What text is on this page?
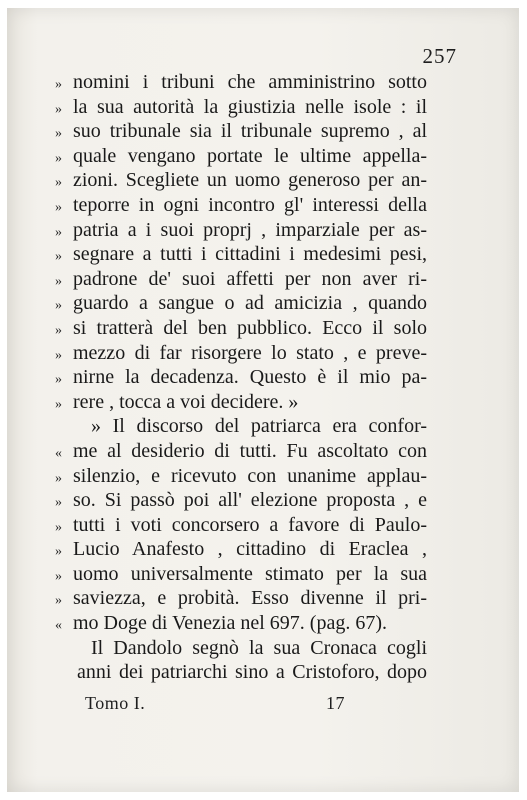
257
» nomini i tribuni che amministrino sotto
» la sua autorità la giustizia nelle isole : il
» suo tribunale sia il tribunale supremo , al
» quale vengano portate le ultime appella-
» zioni. Scegliete un uomo generoso per an-
» teporre in ogni incontro gl' interessi della
» patria a i suoi proprj , imparziale per as-
» segnare a tutti i cittadini i medesimi pesi,
» padrone de' suoi affetti per non aver ri-
» guardo a sangue o ad amicizia , quando
» si tratterà del ben pubblico. Ecco il solo
» mezzo di far risorgere lo stato , e preve-
» nirne la decadenza. Questo è il mio pa-
» rere , tocca a voi decidere. »
» Il discorso del patriarca era confor-
« me al desiderio di tutti. Fu ascoltato con
» silenzio, e ricevuto con unanime applau-
» so. Si passò poi all' elezione proposta , e
» tutti i voti concorsero a favore di Paulo-
» Lucio Anafesto , cittadino di Eraclea ,
» uomo universalmente stimato per la sua
» saviezza, e probità. Esso divenne il pri-
« mo Doge di Venezia nel 697. (pag. 67).
Il Dandolo segnò la sua Cronaca cogli
anni dei patriarchi sino a Cristoforo, dopo
Tomo I.	17
